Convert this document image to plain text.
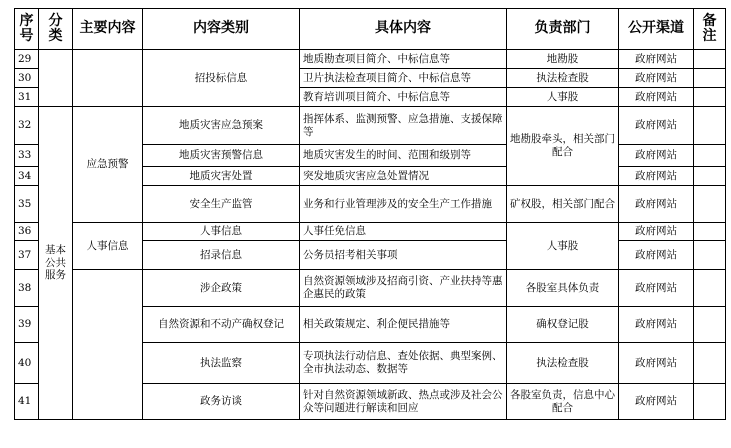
序号	分类	主要内容	内容类别	具体内容	负责部门	公开渠道	备注
29			招投标信息	地质勘查项目简介、中标信息等	地勘股	政府网站	
30				卫片执法检查项目简介、中标信息等	执法检查股	政府网站	
31				教育培训项目简介、中标信息等	人事股	政府网站	
32	基本公共服务	应急预警	地质灾害应急预案	指挥体系、监测预警、应急措施、支援保障等	地勘股牵头，相关部门配合	政府网站	
33			地质灾害预警信息	地质灾害发生的时间、范围和级别等		政府网站	
34			地质灾害处置	突发地质灾害应急处置情况		政府网站	
35			安全生产监管	业务和行业管理涉及的安全生产工作措施	矿权股，相关部门配合	政府网站	
36		人事信息	人事信息	人事任免信息	人事股	政府网站	
37			招录信息	公务员招考相关事项		政府网站	
38			涉企政策	自然资源领域涉及招商引资、产业扶持等惠企惠民的政策	各股室具体负责	政府网站	
39			自然资源和不动产确权登记	相关政策规定、利企便民措施等	确权登记股	政府网站	
40			执法监察	专项执法行动信息、查处依据、典型案例、全市执法动态、数据等	执法检查股	政府网站	
41			政务访谈	针对自然资源领域新政、热点或涉及社会公众等问题进行解读和回应	各股室负责，信息中心配合	政府网站	
